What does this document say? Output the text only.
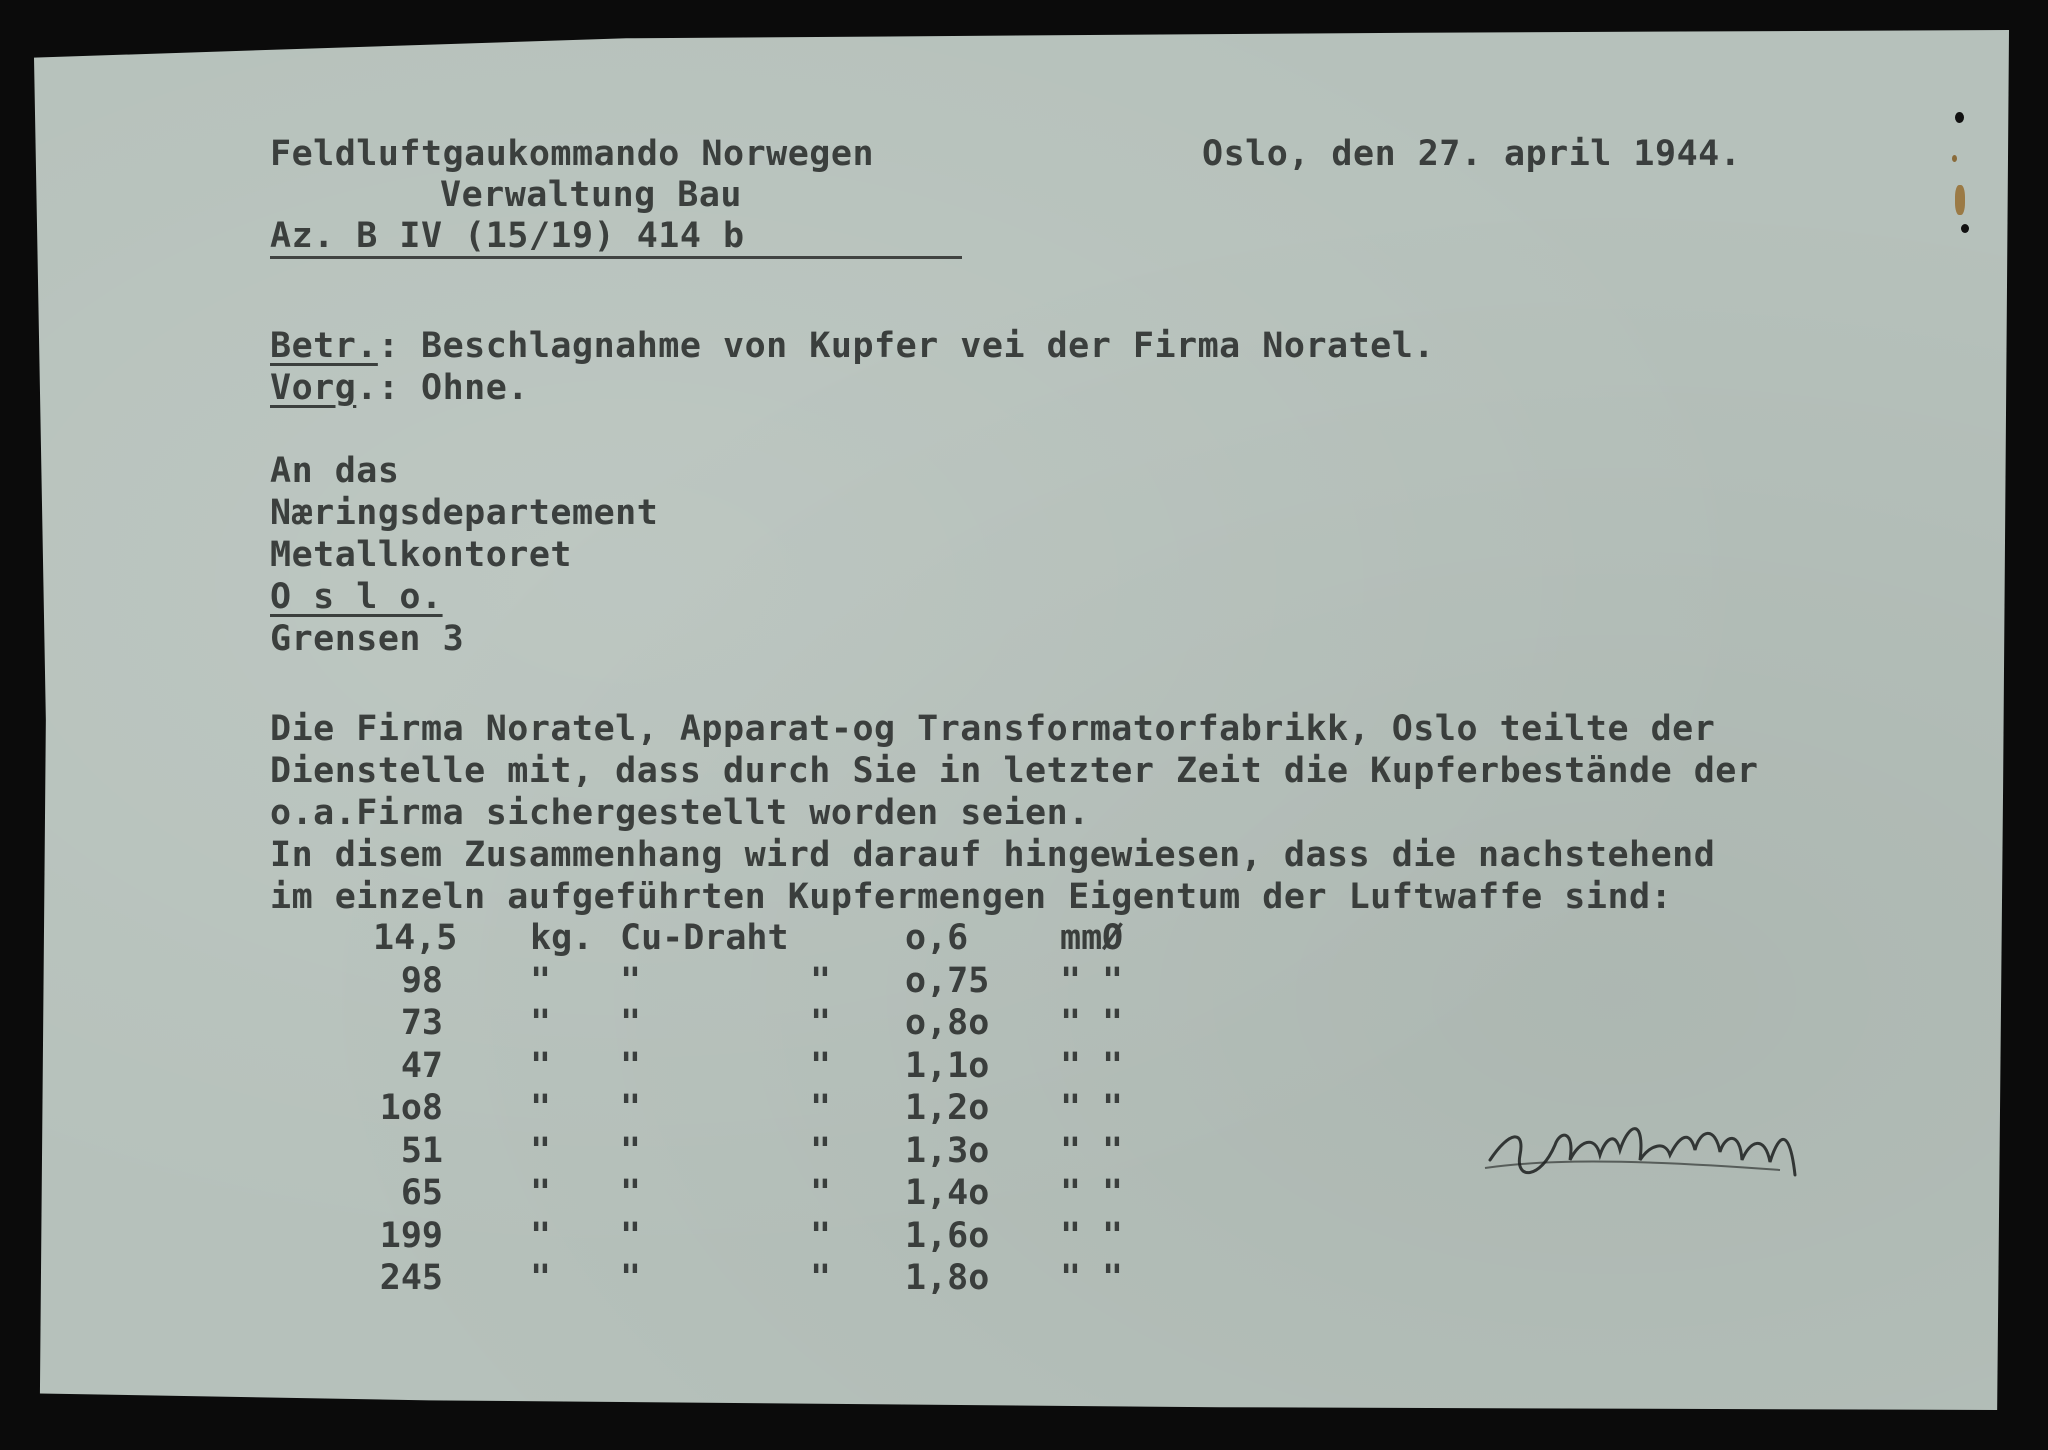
Feldluftgaukommando Norwegen
Verwaltung Bau
Az. B IV (15/19) 414 b
Oslo, den 27. april 1944.
Betr.: Beschlagnahme von Kupfer vei der Firma Noratel.
Vorg.: Ohne.
An das
Næringsdepartement
Metallkontoret
O s l o.
Grensen 3
Die Firma Noratel, Apparat-og Transformatorfabrikk, Oslo teilte der
Dienstelle mit, dass durch Sie in letzter Zeit die Kupferbestände der
o.a.Firma sichergestellt worden seien.
In disem Zusammenhang wird darauf hingewiesen, dass die nachstehend
im einzeln aufgeführten Kupfermengen Eigentum der Luftwaffe sind:
14,5 kg. Cu-Draht	o,6	mm Ø
98 " "	" o,75 " "
73 " "	" o,8o " "
47 " "	" 1,1o " "
1o8 " "	" 1,2o " "
51 " "	" 1,3o " "
65 " "	" 1,4o " "
199 " "	" 1,6o " "
245 " "	" 1,8o " "
